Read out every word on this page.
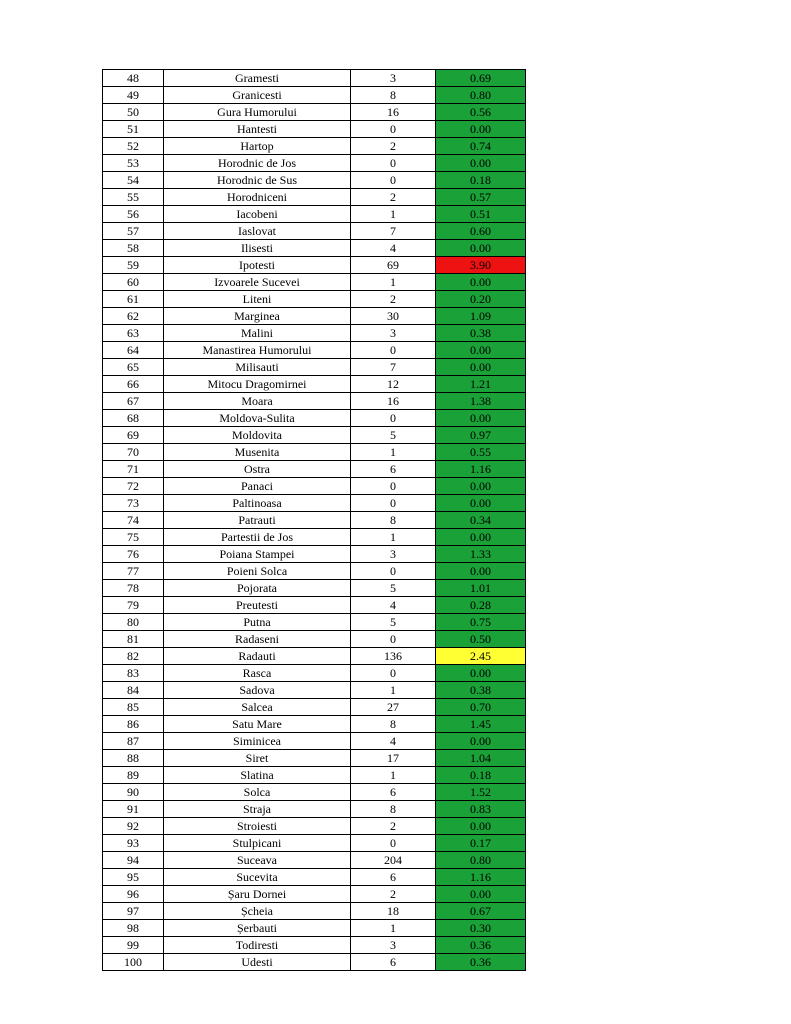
48	Gramesti	3	0.69
49	Granicesti	8	0.80
50	Gura Humorului	16	0.56
51	Hantesti	0	0.00
52	Hartop	2	0.74
53	Horodnic de Jos	0	0.00
54	Horodnic de Sus	0	0.18
55	Horodniceni	2	0.57
56	Iacobeni	1	0.51
57	Iaslovat	7	0.60
58	Ilisesti	4	0.00
59	Ipotesti	69	3.90
60	Izvoarele Sucevei	1	0.00
61	Liteni	2	0.20
62	Marginea	30	1.09
63	Malini	3	0.38
64	Manastirea Humorului	0	0.00
65	Milisauti	7	0.00
66	Mitocu Dragomirnei	12	1.21
67	Moara	16	1.38
68	Moldova-Sulita	0	0.00
69	Moldovita	5	0.97
70	Musenita	1	0.55
71	Ostra	6	1.16
72	Panaci	0	0.00
73	Paltinoasa	0	0.00
74	Patrauti	8	0.34
75	Partestii de Jos	1	0.00
76	Poiana Stampei	3	1.33
77	Poieni Solca	0	0.00
78	Pojorata	5	1.01
79	Preutesti	4	0.28
80	Putna	5	0.75
81	Radaseni	0	0.50
82	Radauti	136	2.45
83	Rasca	0	0.00
84	Sadova	1	0.38
85	Salcea	27	0.70
86	Satu Mare	8	1.45
87	Siminicea	4	0.00
88	Siret	17	1.04
89	Slatina	1	0.18
90	Solca	6	1.52
91	Straja	8	0.83
92	Stroiesti	2	0.00
93	Stulpicani	0	0.17
94	Suceava	204	0.80
95	Sucevita	6	1.16
96	Șaru Dornei	2	0.00
97	Șcheia	18	0.67
98	Șerbauti	1	0.30
99	Todiresti	3	0.36
100	Udesti	6	0.36
